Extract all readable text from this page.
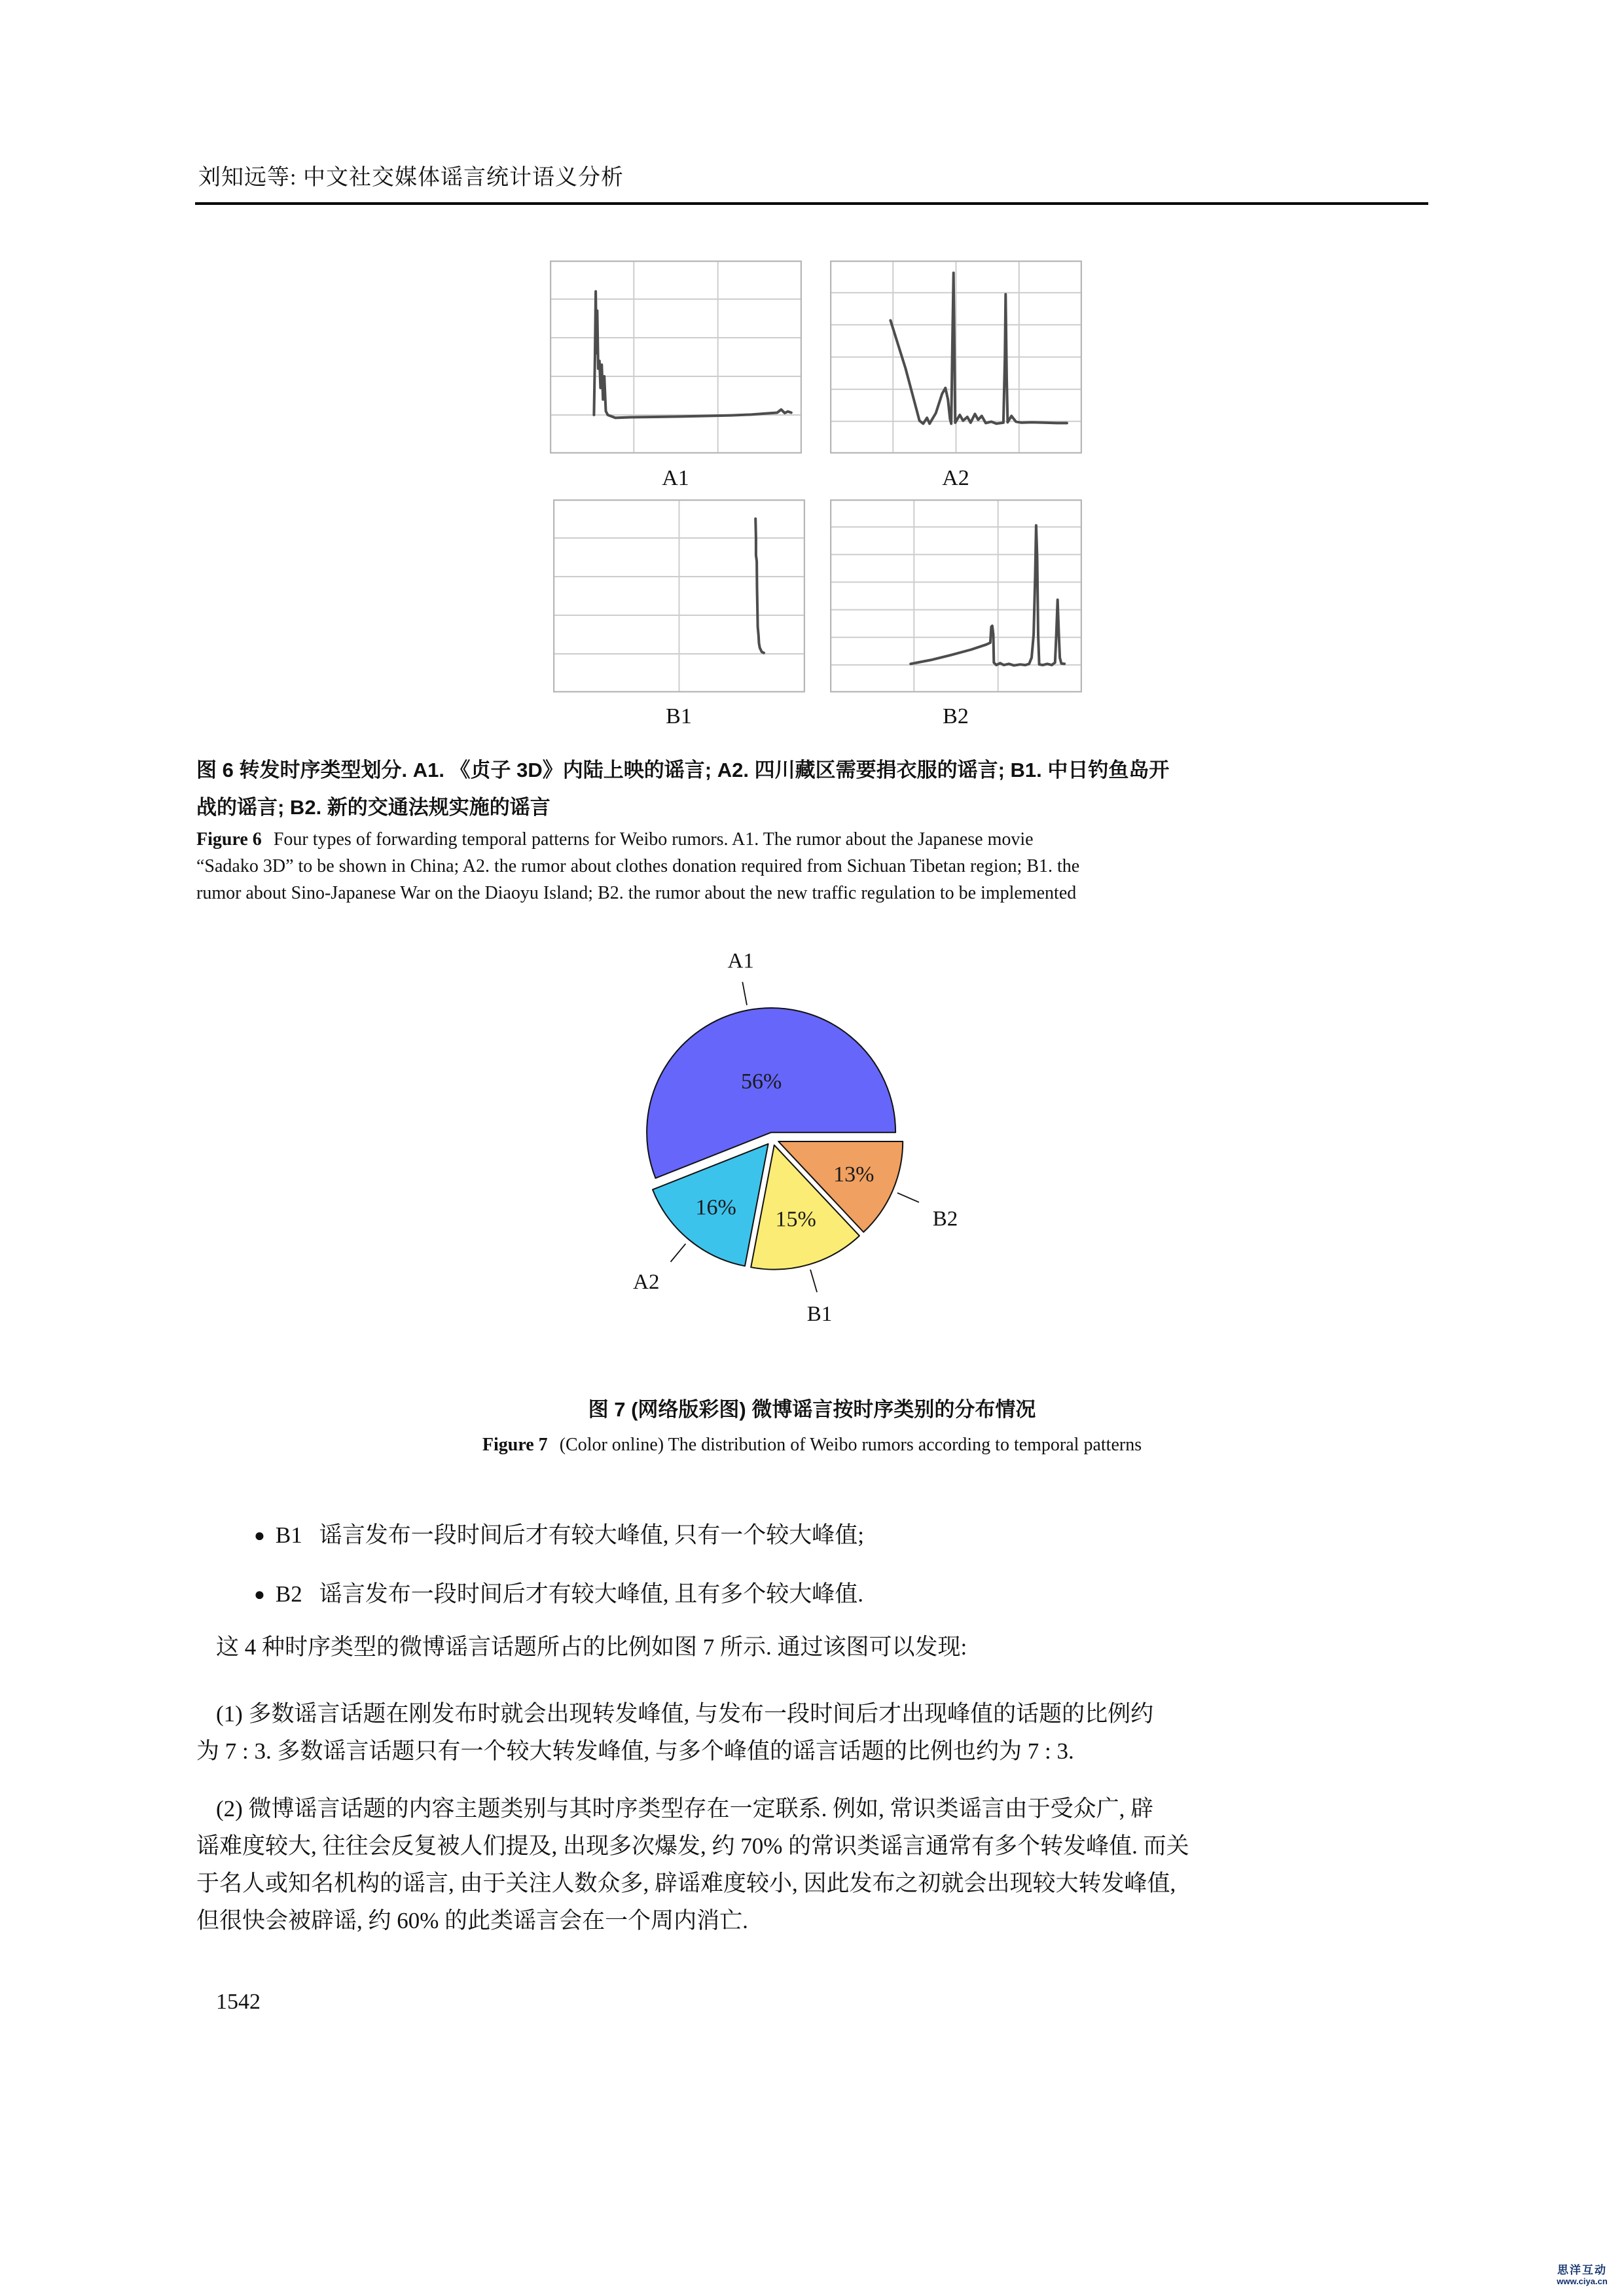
刘知远等: 中文社交媒体谣言统计语义分析
A1	A2
B1	B2
图 6 转发时序类型划分. A1. 《贞子 3D》内陆上映的谣言; A2. 四川藏区需要捐衣服的谣言; B1. 中日钓鱼岛开
战的谣言; B2. 新的交通法规实施的谣言
Figure 6 Four types of forwarding temporal patterns for Weibo rumors. A1. The rumor about the Japanese movie
“Sadako 3D” to be shown in China; A2. the rumor about clothes donation required from Sichuan Tibetan region; B1. the
rumor about Sino-Japanese War on the Diaoyu Island; B2. the rumor about the new traffic regulation to be implemented
56%
A1
16%
A2
15%
B1
13%
B2
图 7 (网络版彩图) 微博谣言按时序类别的分布情况
Figure 7 (Color online) The distribution of Weibo rumors according to temporal patterns
● B1 谣言发布一段时间后才有较大峰值, 只有一个较大峰值;
● B2 谣言发布一段时间后才有较大峰值, 且有多个较大峰值.
这 4 种时序类型的微博谣言话题所占的比例如图 7 所示. 通过该图可以发现:
(1) 多数谣言话题在刚发布时就会出现转发峰值, 与发布一段时间后才出现峰值的话题的比例约
为 7 : 3. 多数谣言话题只有一个较大转发峰值, 与多个峰值的谣言话题的比例也约为 7 : 3.
(2) 微博谣言话题的内容主题类别与其时序类型存在一定联系. 例如, 常识类谣言由于受众广, 辟
谣难度较大, 往往会反复被人们提及, 出现多次爆发, 约 70% 的常识类谣言通常有多个转发峰值. 而关
于名人或知名机构的谣言, 由于关注人数众多, 辟谣难度较小, 因此发布之初就会出现较大转发峰值,
但很快会被辟谣, 约 60% 的此类谣言会在一个周内消亡.
1542
思洋互动
www.ciya.cn
